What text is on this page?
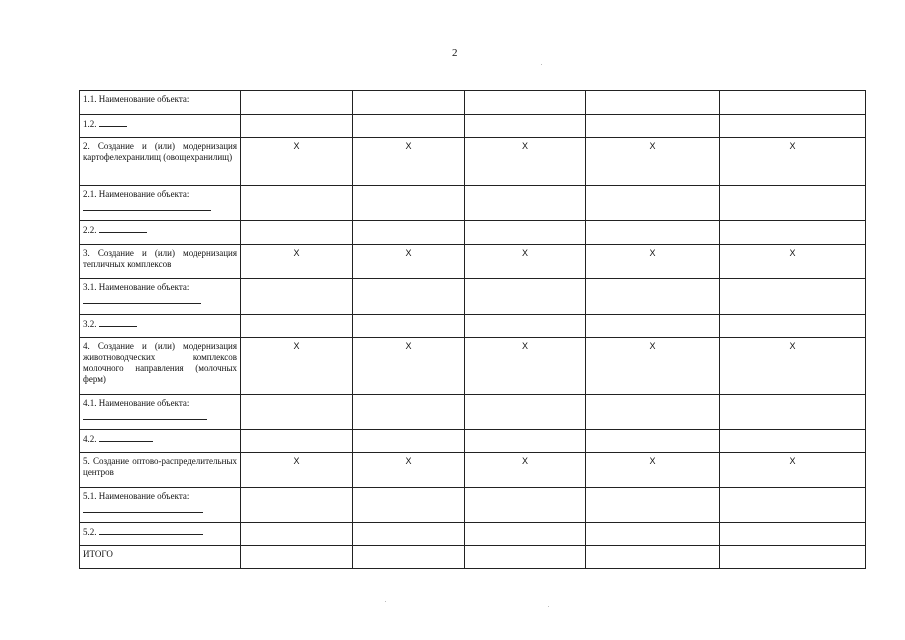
2
1.1. Наименование объекта:					
1.2.					
2. Создание и (или) модернизация картофелехранилищ (овощехранилищ)	X	X	X	X	X
2.1. Наименование объекта:

2.2.					
3. Создание и (или) модернизация тепличных комплексов	X	X	X	X	X
3.1. Наименование объекта:

3.2.					
4. Создание и (или) модернизация животноводческих комплексов молочного направления (молочных ферм)	X	X	X	X	X
4.1. Наименование объекта:

4.2.					
5. Создание оптово-распределительных центров	X	X	X	X	X
5.1. Наименование объекта:

5.2.					
ИТОГО					
